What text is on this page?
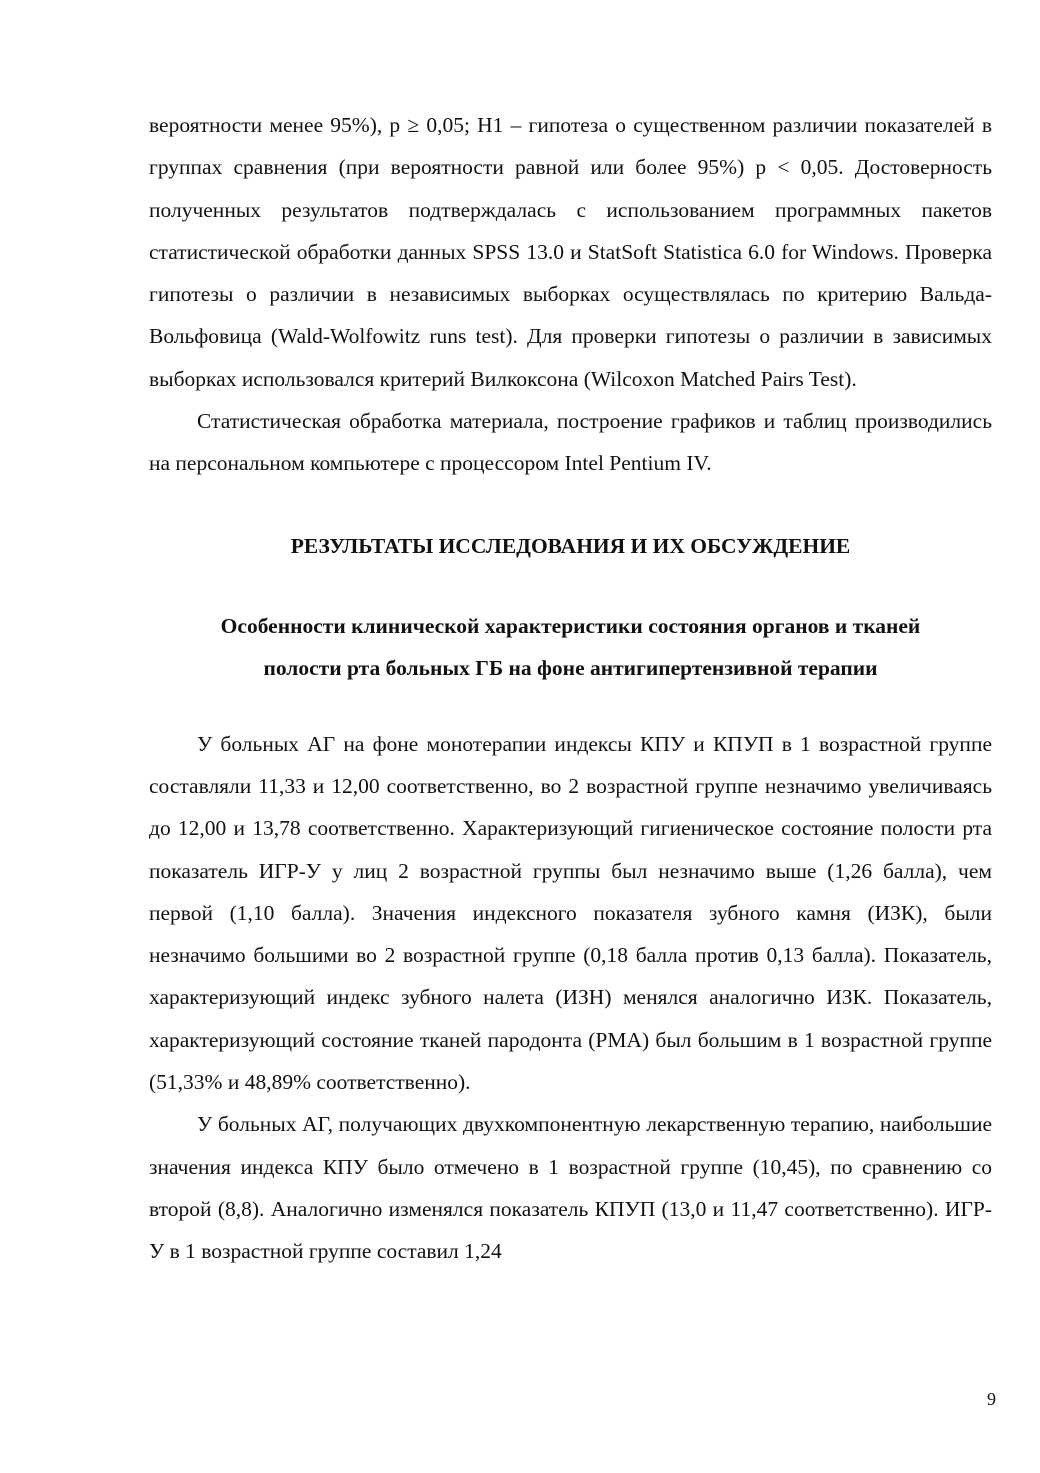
вероятности менее 95%), p ≥ 0,05; H1 – гипотеза о существенном различии показателей в группах сравнения (при вероятности равной или более 95%) p < 0,05. Достоверность полученных результатов подтверждалась с использованием программных пакетов статистической обработки данных SPSS 13.0 и StatSoft Statistica 6.0 for Windows. Проверка гипотезы о различии в независимых выборках осуществлялась по критерию Вальда-Вольфовица (Wald-Wolfowitz runs test). Для проверки гипотезы о различии в зависимых выборках использовался критерий Вилкоксона (Wilcoxon Matched Pairs Test).

Статистическая обработка материала, построение графиков и таблиц производились на персональном компьютере с процессором Intel Pentium IV.

РЕЗУЛЬТАТЫ ИССЛЕДОВАНИЯ И ИХ ОБСУЖДЕНИЕ
Особенности клинической характеристики состояния органов и тканей
полости рта больных ГБ на фоне антигипертензивной терапии

У больных АГ на фоне монотерапии индексы КПУ и КПУП в 1 возрастной группе составляли 11,33 и 12,00 соответственно, во 2 возрастной группе незначимо увеличиваясь до 12,00 и 13,78 соответственно. Характеризующий гигиеническое состояние полости рта показатель ИГР-У у лиц 2 возрастной группы был незначимо выше (1,26 балла), чем первой (1,10 балла). Значения индексного показателя зубного камня (ИЗК), были незначимо большими во 2 возрастной группе (0,18 балла против 0,13 балла). Показатель, характеризующий индекс зубного налета (ИЗН) менялся аналогично ИЗК. Показатель, характеризующий состояние тканей пародонта (РМА) был большим в 1 возрастной группе (51,33% и 48,89% соответственно).

У больных АГ, получающих двухкомпонентную лекарственную терапию, наибольшие значения индекса КПУ было отмечено в 1 возрастной группе (10,45), по сравнению со второй (8,8). Аналогично изменялся показатель КПУП (13,0 и 11,47 соответственно). ИГР-У в 1 возрастной группе составил 1,24

9
